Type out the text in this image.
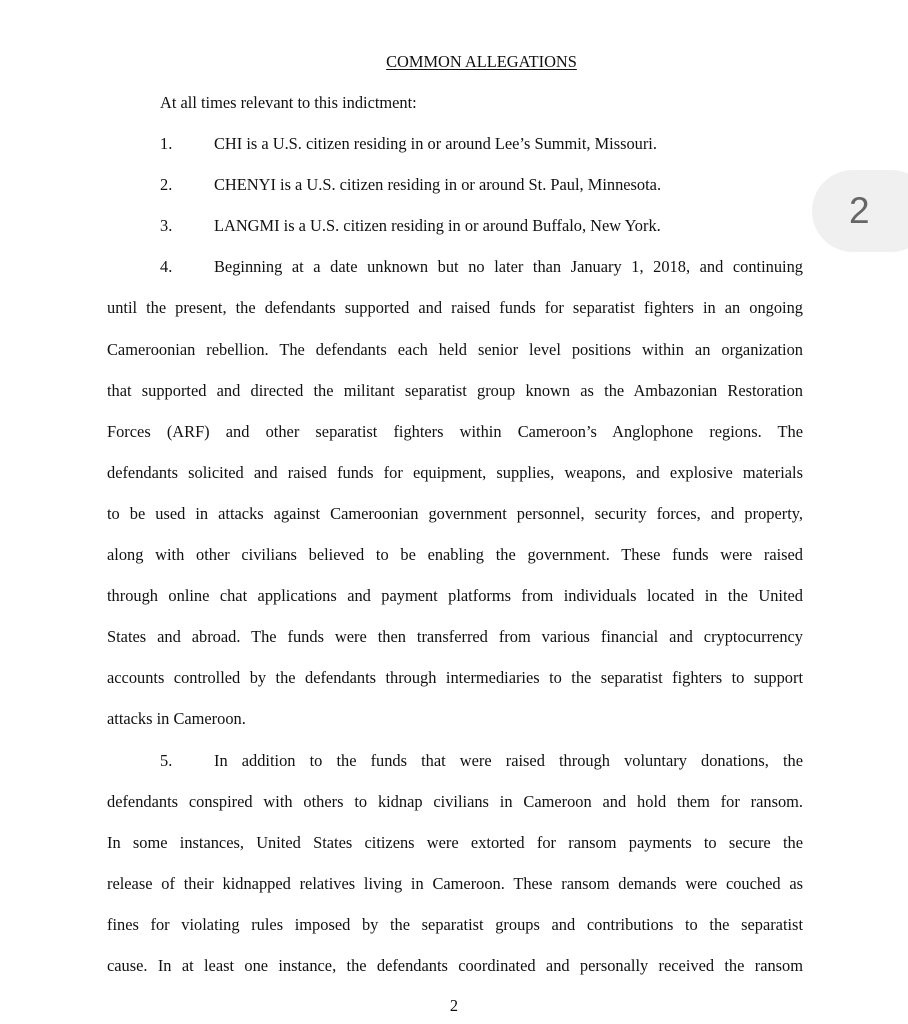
2
COMMON ALLEGATIONS
At all times relevant to this indictment:
1.	CHI is a U.S. citizen residing in or around Lee’s Summit, Missouri.
2.	CHENYI is a U.S. citizen residing in or around St. Paul, Minnesota.
3.	LANGMI is a U.S. citizen residing in or around Buffalo, New York.
4.	Beginning at a date unknown but no later than January 1, 2018, and continuing
until the present, the defendants supported and raised funds for separatist fighters in an ongoing
Cameroonian rebellion. The defendants each held senior level positions within an organization
that supported and directed the militant separatist group known as the Ambazonian Restoration
Forces (ARF) and other separatist fighters within Cameroon’s Anglophone regions. The
defendants solicited and raised funds for equipment, supplies, weapons, and explosive materials
to be used in attacks against Cameroonian government personnel, security forces, and property,
along with other civilians believed to be enabling the government. These funds were raised
through online chat applications and payment platforms from individuals located in the United
States and abroad. The funds were then transferred from various financial and cryptocurrency
accounts controlled by the defendants through intermediaries to the separatist fighters to support
attacks in Cameroon.
5.	In addition to the funds that were raised through voluntary donations, the
defendants conspired with others to kidnap civilians in Cameroon and hold them for ransom.
In some instances, United States citizens were extorted for ransom payments to secure the
release of their kidnapped relatives living in Cameroon. These ransom demands were couched as
fines for violating rules imposed by the separatist groups and contributions to the separatist
cause. In at least one instance, the defendants coordinated and personally received the ransom
2
